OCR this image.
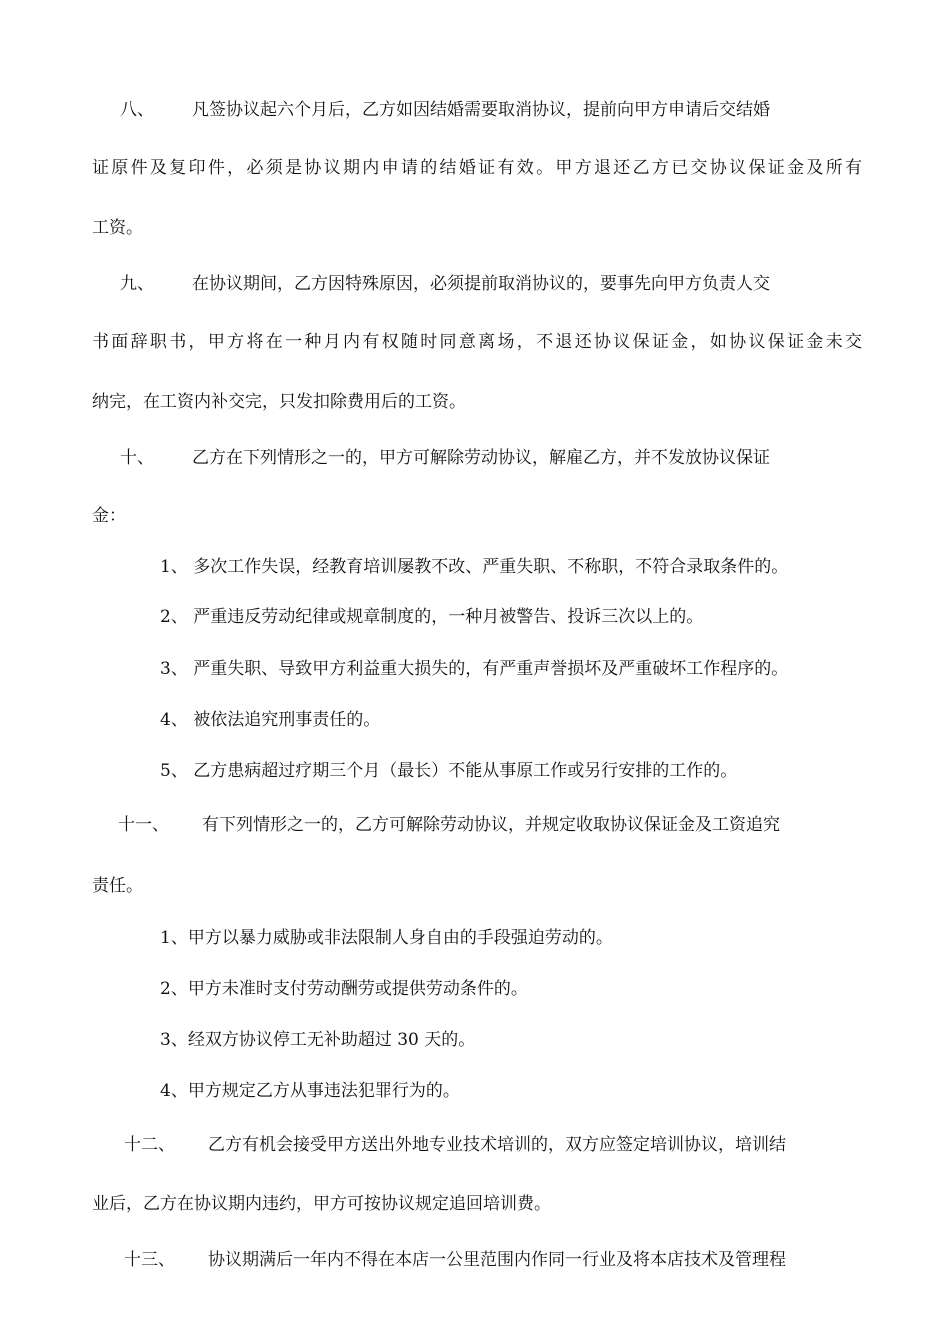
八、 凡签协议起六个月后，乙方如因结婚需要取消协议，提前向甲方申请后交结婚
证原件及复印件，必须是协议期内申请的结婚证有效。甲方退还乙方已交协议保证金及所有
工资。
九、 在协议期间，乙方因特殊原因，必须提前取消协议的，要事先向甲方负责人交
书面辞职书，甲方将在一种月内有权随时同意离场，不退还协议保证金，如协议保证金未交
纳完，在工资内补交完，只发扣除费用后的工资。
十、 乙方在下列情形之一的，甲方可解除劳动协议，解雇乙方，并不发放协议保证
金：
1、 多次工作失误，经教育培训屡教不改、严重失职、不称职，不符合录取条件的。
2、 严重违反劳动纪律或规章制度的，一种月被警告、投诉三次以上的。
3、 严重失职、导致甲方利益重大损失的，有严重声誉损坏及严重破坏工作程序的。
4、 被依法追究刑事责任的。
5、 乙方患病超过疗期三个月（最长）不能从事原工作或另行安排的工作的。
十一、 有下列情形之一的，乙方可解除劳动协议，并规定收取协议保证金及工资追究
责任。
1、甲方以暴力威胁或非法限制人身自由的手段强迫劳动的。
2、甲方未准时支付劳动酬劳或提供劳动条件的。
3、经双方协议停工无补助超过 30 天的。
4、甲方规定乙方从事违法犯罪行为的。
十二、 乙方有机会接受甲方送出外地专业技术培训的，双方应签定培训协议，培训结
业后，乙方在协议期内违约，甲方可按协议规定追回培训费。
十三、 协议期满后一年内不得在本店一公里范围内作同一行业及将本店技术及管理程
